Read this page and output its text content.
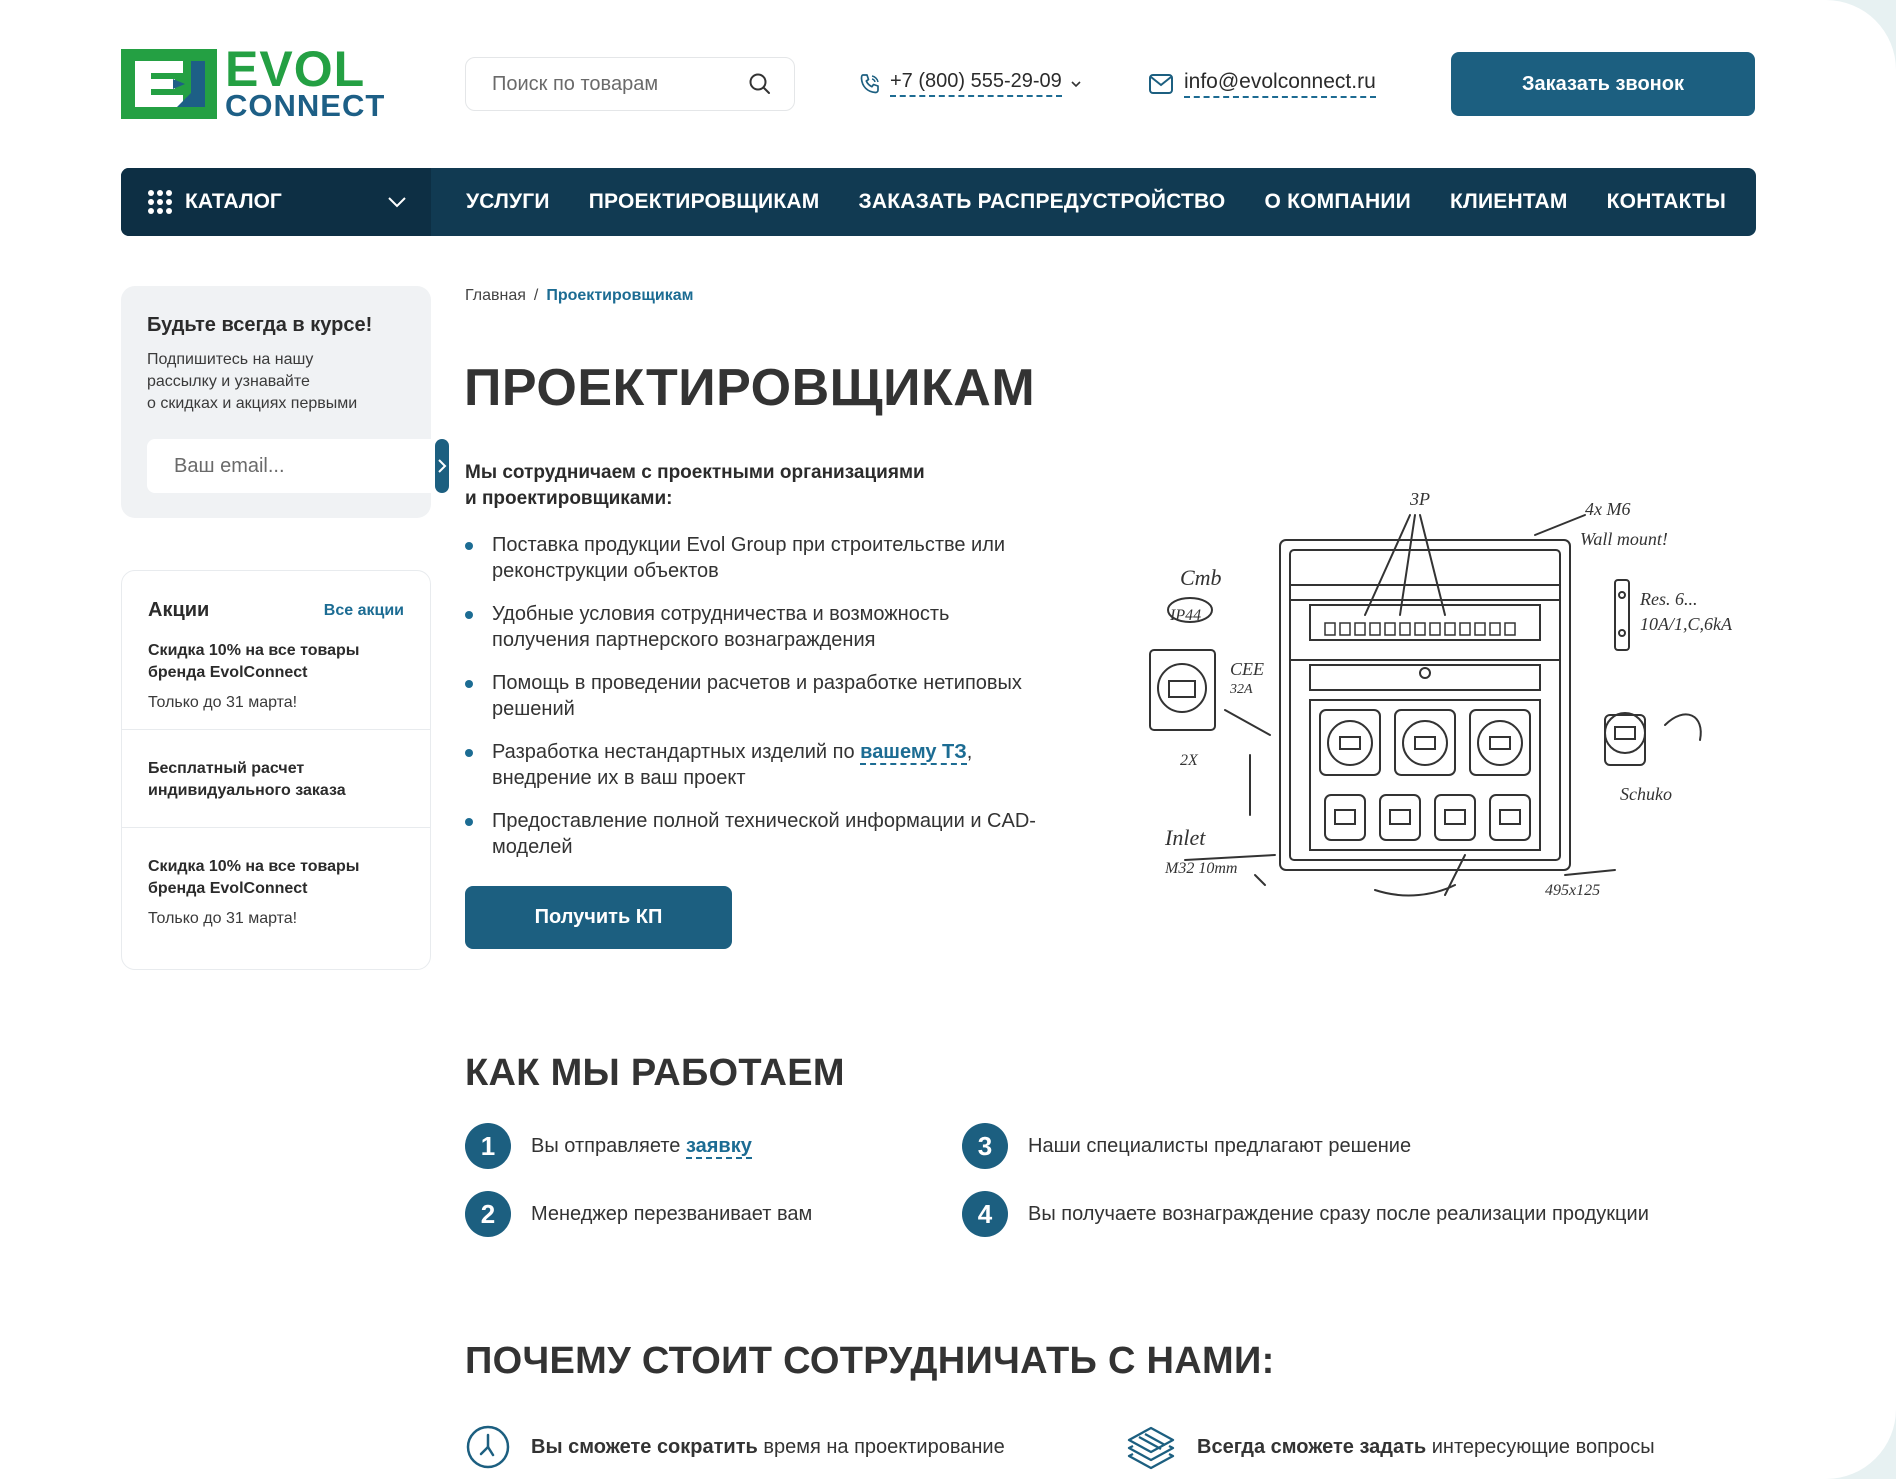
EVOL
CONNECT
Поиск по товарам
+7 (800) 555-29-09	info@evolconnect.ru	Заказать звонок
КАТАЛОГ	УСЛУГИ ПРОЕКТИРОВЩИКАМ ЗАКАЗАТЬ РАСПРЕДУСТРОЙСТВО О КОМПАНИИ КЛИЕНТАМ КОНТАКТЫ
Будьте всегда в курсе!

Подпишитесь на нашу

рассылку и узнавайте

о скидках и акциях первыми

Ваш email...
Акции	Все акции
Скидка 10% на все товары
бренда EvolConnect
Только до 31 марта!
Бесплатный расчет
индивидуального заказа
Скидка 10% на все товары
бренда EvolConnect
Только до 31 марта!
Главная / Проектировщикам
ПРОЕКТИРОВЩИКАМ
Мы сотрудничаем с проектными организациями
и проектировщиками:
Поставка продукции Evol Group при строительстве или
реконструкции объектов
Удобные условия сотрудничества и возможность
получения партнерского вознаграждения
Помощь в проведении расчетов и разработке нетиповых
решений
Разработка нестандартных изделий по вашему ТЗ,
внедрение их в ваш проект
Предоставление полной технической информации и CAD-
моделей
Получить КП
Cmb
IP44
CEE
32A
2X
Inlet
M32 10mm
3P	4x M6
Wall mount!
Res. 6...
10A/1,C,6kA
Schuko
495x125
КАК МЫ РАБОТАЕМ
1	Вы отправляете заявку
2	Менеджер перезванивает вам
3	Наши специалисты предлагают решение
4	Вы получаете вознаграждение сразу после реализации продукции
ПОЧЕМУ СТОИТ СОТРУДНИЧАТЬ С НАМИ:
Вы сможете сократить время на проектирование	Всегда сможете задать интересующие вопросы
